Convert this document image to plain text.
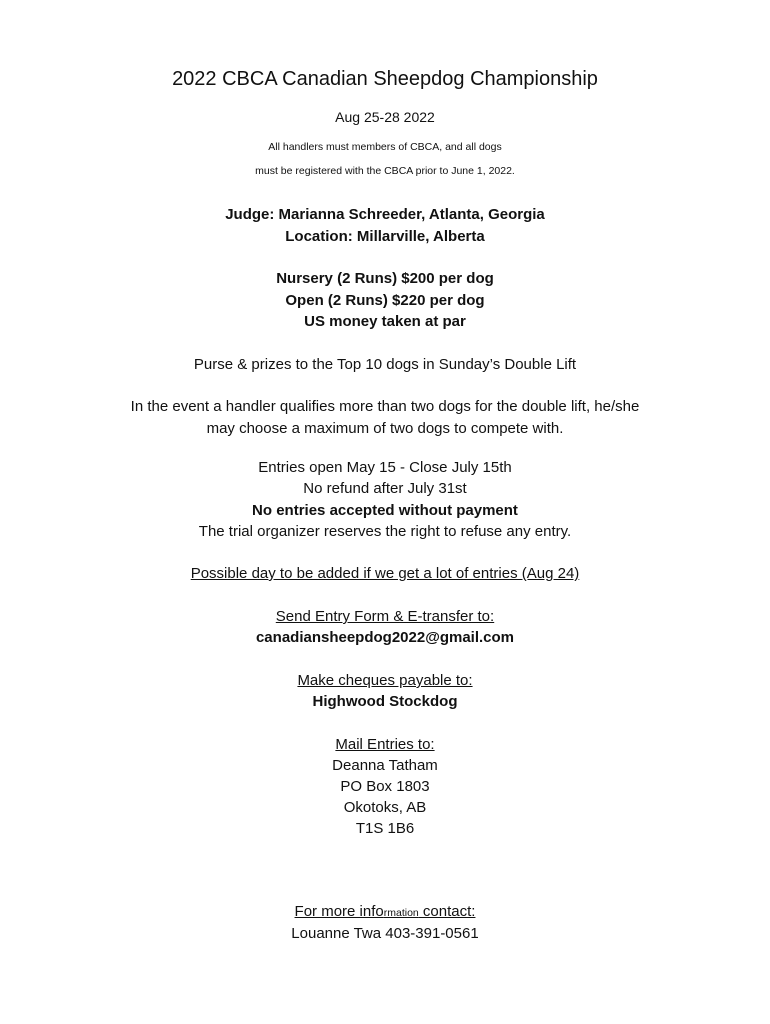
2022 CBCA Canadian Sheepdog Championship
Aug 25-28 2022
All handlers must members of CBCA, and all dogs
must be registered with the CBCA prior to June 1, 2022.
Judge: Marianna Schreeder, Atlanta, Georgia
Location: Millarville, Alberta
Nursery (2 Runs) $200 per dog
Open (2 Runs) $220 per dog
US money taken at par
Purse & prizes to the Top 10 dogs in Sunday’s Double Lift
In the event a handler qualifies more than two dogs for the double lift, he/she
may choose a maximum of two dogs to compete with.
Entries open May 15 - Close July 15th
No refund after July 31st
No entries accepted without payment
The trial organizer reserves the right to refuse any entry.
Possible day to be added if we get a lot of entries (Aug 24)
Send Entry Form & E-transfer to:
canadiansheepdog2022@gmail.com
Make cheques payable to:
Highwood Stockdog
Mail Entries to:
Deanna Tatham
PO Box 1803
Okotoks, AB
T1S 1B6
For more information contact:
Louanne Twa 403-391-0561
